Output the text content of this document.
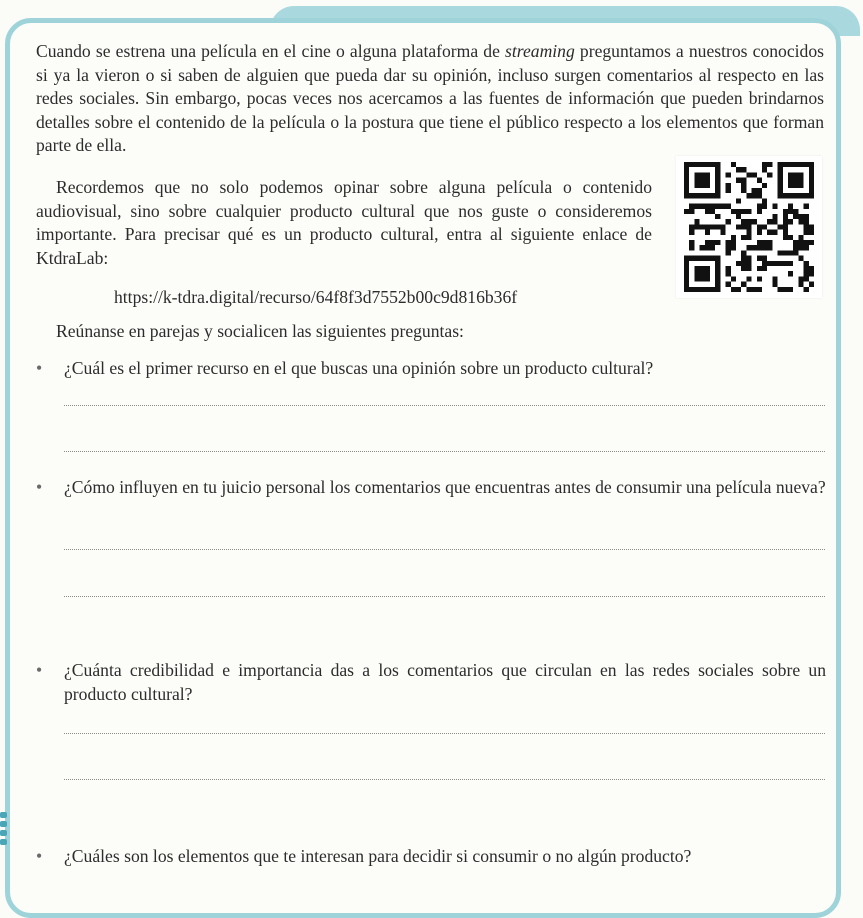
Cuando se estrena una película en el cine o alguna plataforma de streaming preguntamos a nuestros conocidos si ya la vieron o si saben de alguien que pueda dar su opinión, incluso surgen comentarios al respecto en las redes sociales. Sin embargo, pocas veces nos acercamos a las fuentes de información que pueden brindarnos detalles sobre el contenido de la película o la postura que tiene el público respecto a los elementos que forman parte de ella.

Recordemos que no solo podemos opinar sobre alguna película o contenido audiovisual, sino sobre cualquier producto cultural que nos guste o consideremos importante. Para precisar qué es un producto cultural, entra al siguiente enlace de KtdraLab:

https://k-tdra.digital/recurso/64f8f3d7552b00c9d816b36f

Reúnanse en parejas y socialicen las siguientes preguntas:

•	¿Cuál es el primer recurso en el que buscas una opinión sobre un producto cultural?
•	¿Cómo influyen en tu juicio personal los comentarios que encuentras antes de consumir una película nueva?
•	¿Cuánta credibilidad e importancia das a los comentarios que circulan en las redes sociales sobre un producto cultural?
•	¿Cuáles son los elementos que te interesan para decidir si consumir o no algún producto?
